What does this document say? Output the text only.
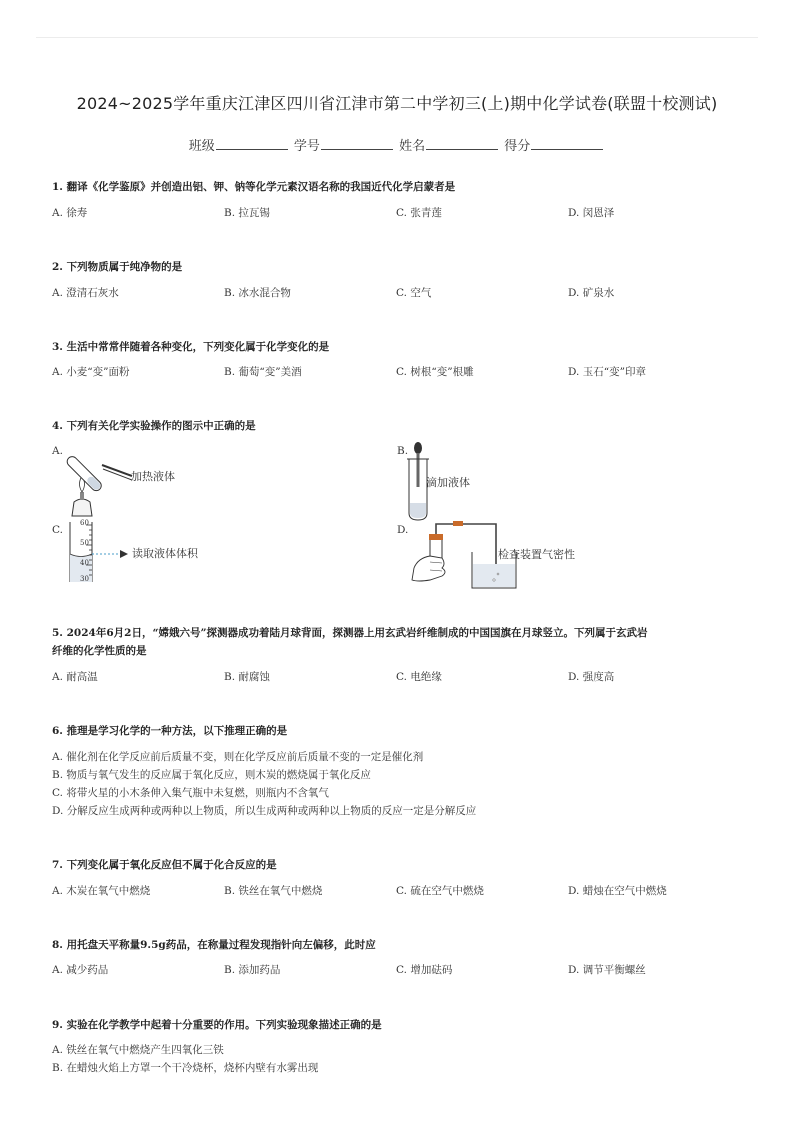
2024~2025学年重庆江津区四川省江津市第二中学初三(上)期中化学试卷(联盟十校测试)
班级	学号	姓名	得分
1. 翻译《化学鉴原》并创造出铝、钾、钠等化学元素汉语名称的我国近代化学启蒙者是
A. 徐寿	B. 拉瓦锡	C. 张青莲	D. 闵恩泽
2. 下列物质属于纯净物的是
A. 澄清石灰水	B. 冰水混合物	C. 空气	D. 矿泉水
3. 生活中常常伴随着各种变化，下列变化属于化学变化的是
A. 小麦“变”面粉	B. 葡萄“变”美酒	C. 树根“变”根雕	D. 玉石“变”印章
4. 下列有关化学实验操作的图示中正确的是
A.
加热液体
B.
滴加液体
C.
60
50
40
30
读取液体体积
D.
检查装置气密性
5. 2024年6月2日，“嫦娥六号”探测器成功着陆月球背面，探测器上用玄武岩纤维制成的中国国旗在月球竖立。下列属于玄武岩
纤维的化学性质的是
A. 耐高温	B. 耐腐蚀	C. 电绝缘	D. 强度高
6. 推理是学习化学的一种方法，以下推理正确的是
A. 催化剂在化学反应前后质量不变，则在化学反应前后质量不变的一定是催化剂
B. 物质与氧气发生的反应属于氧化反应，则木炭的燃烧属于氧化反应
C. 将带火星的小木条伸入集气瓶中未复燃，则瓶内不含氧气
D. 分解反应生成两种或两种以上物质，所以生成两种或两种以上物质的反应一定是分解反应
7. 下列变化属于氧化反应但不属于化合反应的是
A. 木炭在氧气中燃烧	B. 铁丝在氧气中燃烧	C. 硫在空气中燃烧	D. 蜡烛在空气中燃烧
8. 用托盘天平称量9.5g药品，在称量过程发现指针向左偏移，此时应
A. 减少药品	B. 添加药品	C. 增加砝码	D. 调节平衡螺丝
9. 实验在化学教学中起着十分重要的作用。下列实验现象描述正确的是
A. 铁丝在氧气中燃烧产生四氧化三铁
B. 在蜡烛火焰上方罩一个干冷烧杯，烧杯内壁有水雾出现
